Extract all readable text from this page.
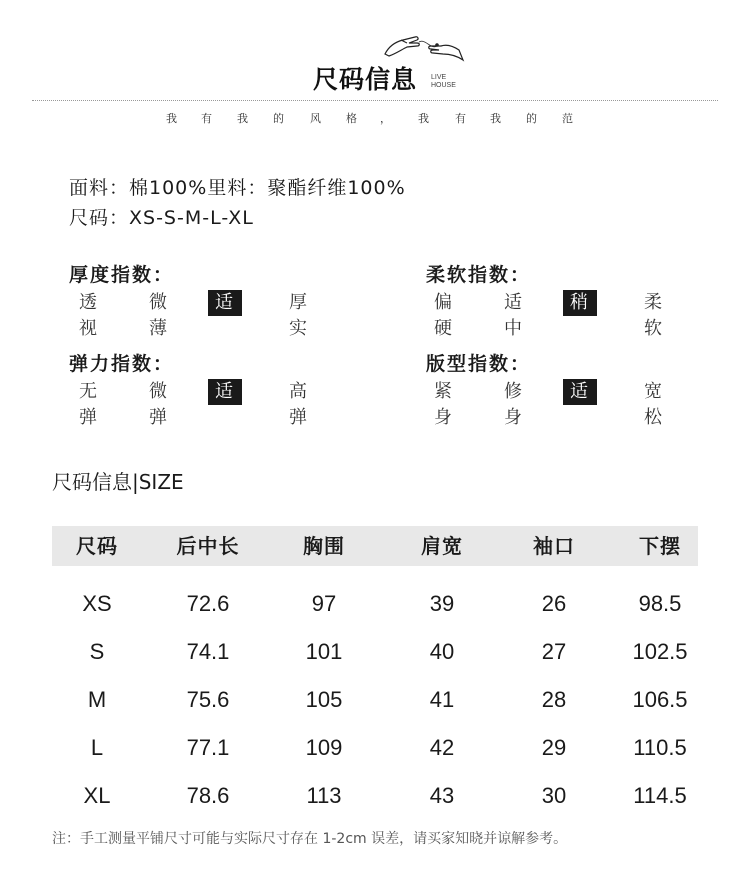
尺码信息 LIVE
HOUSE
我 有 我 的 风 格 ， 我 有 我 的 范
面料：棉100%里料：聚酯纤维100%
尺码：XS-S-M-L-XL
厚度指数：
透视
微薄
适中
厚实
柔软指数：
偏硬
适中
稍软
柔软
弹力指数：
无弹
微弹
适中
高弹
版型指数：
紧身
修身
适中
宽松
尺码信息|SIZE
尺码	后中长	胸围	肩宽	袖口	下摆
XS	72.6	97	39	26	98.5
S	74.1	101	40	27	102.5
M	75.6	105	41	28	106.5
L	77.1	109	42	29	110.5
XL	78.6	113	43	30	114.5
注：手工测量平铺尺寸可能与实际尺寸存在 1-2cm 误差，请买家知晓并谅解参考。
